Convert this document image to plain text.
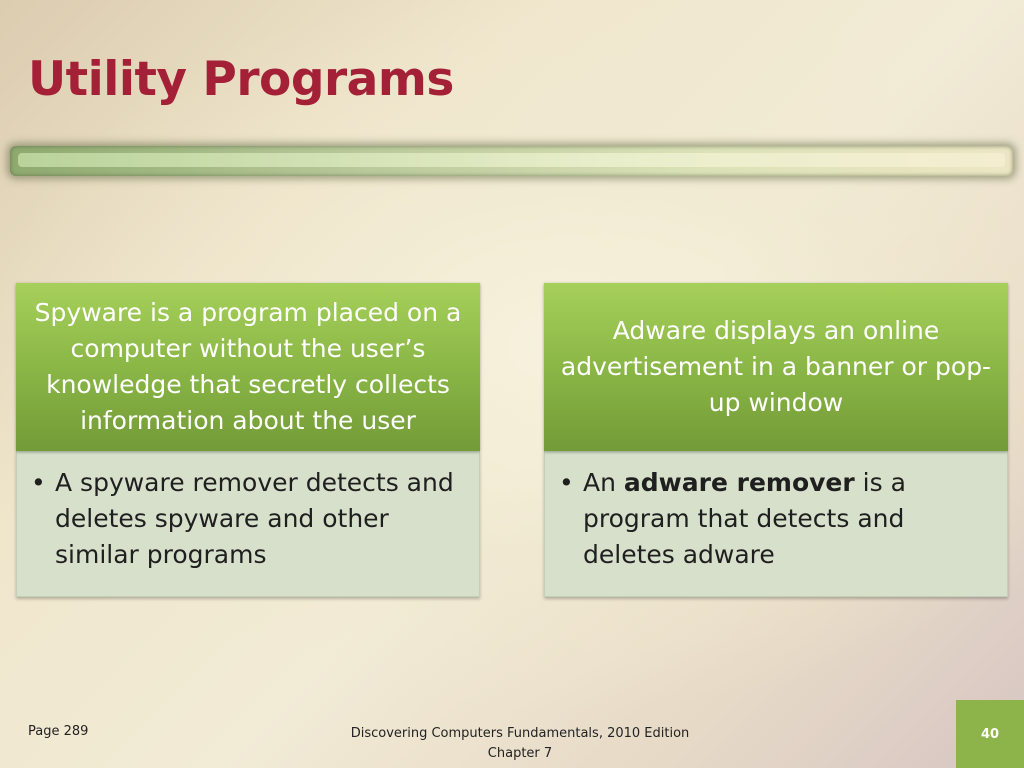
Utility Programs
Spyware is a program placed on a computer without the user’s knowledge that secretly collects information about the user
• A spyware remover detects and deletes spyware and other similar programs
Adware displays an online advertisement in a banner or pop-up window
• An adware remover is a program that detects and deletes adware
Page 289	Discovering Computers Fundamentals, 2010 Edition
Chapter 7
40
